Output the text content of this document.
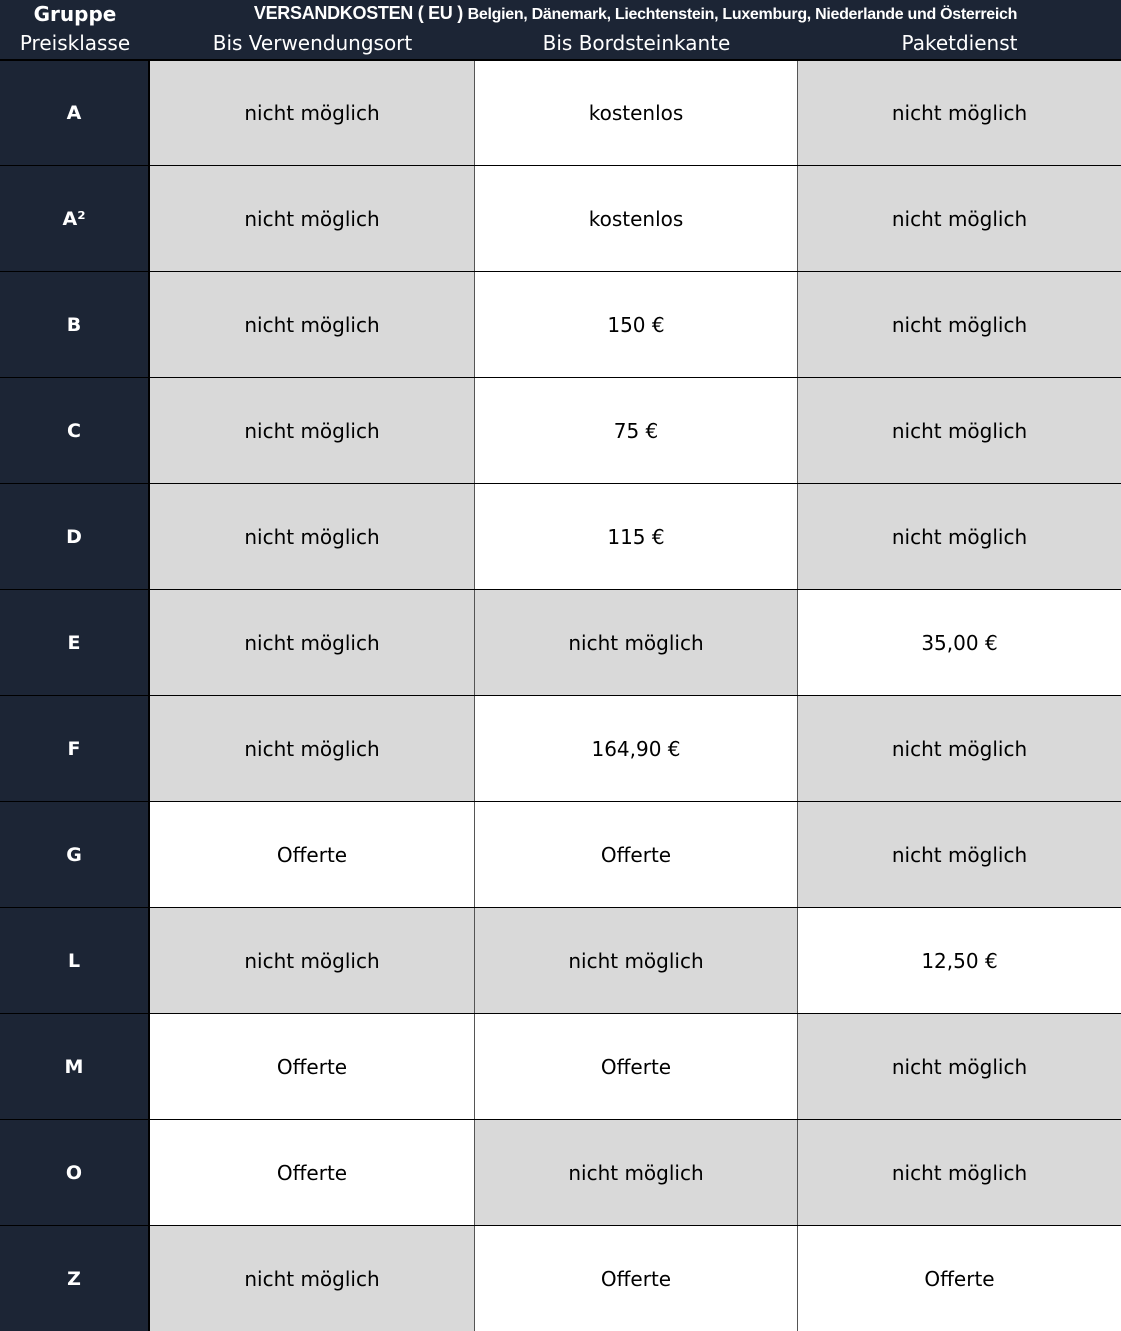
Gruppe	VERSANDKOSTEN ( EU ) Belgien, Dänemark, Liechtenstein, Luxemburg, Niederlande und Österreich
Preisklasse	Bis Verwendungsort	Bis Bordsteinkante	Paketdienst
A	nicht möglich	kostenlos	nicht möglich
A²	nicht möglich	kostenlos	nicht möglich
B	nicht möglich	150 €	nicht möglich
C	nicht möglich	75 €	nicht möglich
D	nicht möglich	115 €	nicht möglich
E	nicht möglich	nicht möglich	35,00 €
F	nicht möglich	164,90 €	nicht möglich
G	Offerte	Offerte	nicht möglich
L	nicht möglich	nicht möglich	12,50 €
M	Offerte	Offerte	nicht möglich
O	Offerte	nicht möglich	nicht möglich
Z	nicht möglich	Offerte	Offerte
